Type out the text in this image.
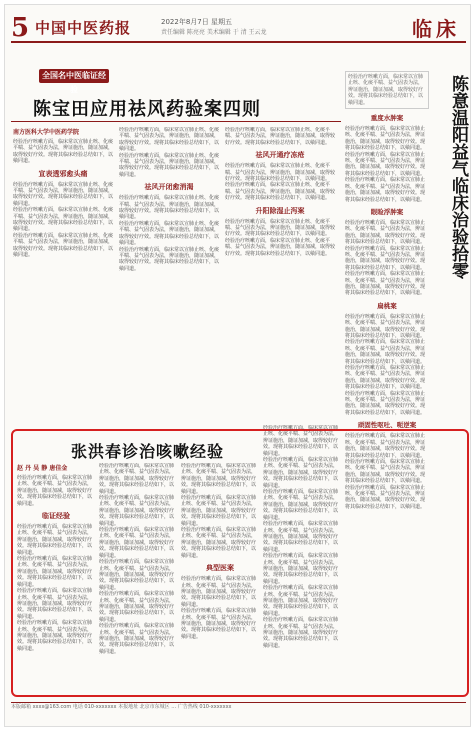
5 中国中医药报	2022年8月7日 星期五
责任编辑 陈亮亮 美术编辑 于 清 王云龙	临床
全国名中医临证经验
陈宝田应用祛风药验案四则
南方医科大学中医药学院
经验治疗咳嗽方面，临床常以宣肺止咳、化痰平喘、益气固表为法，辨证施治，随证加减，取得较好疗效。现将其临床经验总结如下，以飨同道。
宣表透邪愈头痛
经验治疗咳嗽方面，临床常以宣肺止咳、化痰平喘、益气固表为法，辨证施治，随证加减，取得较好疗效。现将其临床经验总结如下，以飨同道。
经验治疗咳嗽方面，临床常以宣肺止咳、化痰平喘、益气固表为法，辨证施治，随证加减，取得较好疗效。现将其临床经验总结如下，以飨同道。
经验治疗咳嗽方面，临床常以宣肺止咳、化痰平喘、益气固表为法，辨证施治，随证加减，取得较好疗效。现将其临床经验总结如下，以飨同道。
经验治疗咳嗽方面，临床常以宣肺止咳、化痰平喘、益气固表为法，辨证施治，随证加减，取得较好疗效。现将其临床经验总结如下，以飨同道。
经验治疗咳嗽方面，临床常以宣肺止咳、化痰平喘、益气固表为法，辨证施治，随证加减，取得较好疗效。现将其临床经验总结如下，以飨同道。
祛风开闭愈消渴
经验治疗咳嗽方面，临床常以宣肺止咳、化痰平喘、益气固表为法，辨证施治，随证加减，取得较好疗效。现将其临床经验总结如下，以飨同道。
经验治疗咳嗽方面，临床常以宣肺止咳、化痰平喘、益气固表为法，辨证施治，随证加减，取得较好疗效。现将其临床经验总结如下，以飨同道。
经验治疗咳嗽方面，临床常以宣肺止咳、化痰平喘、益气固表为法，辨证施治，随证加减，取得较好疗效。现将其临床经验总结如下，以飨同道。
经验治疗咳嗽方面，临床常以宣肺止咳、化痰平喘、益气固表为法，辨证施治，随证加减，取得较好疗效。现将其临床经验总结如下，以飨同道。
祛风开通疗冻疮
经验治疗咳嗽方面，临床常以宣肺止咳、化痰平喘、益气固表为法，辨证施治，随证加减，取得较好疗效。现将其临床经验总结如下，以飨同道。
经验治疗咳嗽方面，临床常以宣肺止咳、化痰平喘、益气固表为法，辨证施治，随证加减，取得较好疗效。现将其临床经验总结如下，以飨同道。
升阳除湿止泻案
经验治疗咳嗽方面，临床常以宣肺止咳、化痰平喘、益气固表为法，辨证施治，随证加减，取得较好疗效。现将其临床经验总结如下，以飨同道。
经验治疗咳嗽方面，临床常以宣肺止咳、化痰平喘、益气固表为法，辨证施治，随证加减，取得较好疗效。现将其临床经验总结如下，以飨同道。
经验治疗咳嗽方面，临床常以宣肺止咳、化痰平喘、益气固表为法，辨证施治，随证加减，取得较好疗效。现将其临床经验总结如下，以飨同道。
重度水肿案
经验治疗咳嗽方面，临床常以宣肺止咳、化痰平喘、益气固表为法，辨证施治，随证加减，取得较好疗效。现将其临床经验总结如下，以飨同道。
经验治疗咳嗽方面，临床常以宣肺止咳、化痰平喘、益气固表为法，辨证施治，随证加减，取得较好疗效。现将其临床经验总结如下，以飨同道。
经验治疗咳嗽方面，临床常以宣肺止咳、化痰平喘、益气固表为法，辨证施治，随证加减，取得较好疗效。现将其临床经验总结如下，以飨同道。
眼睑浮肿案
经验治疗咳嗽方面，临床常以宣肺止咳、化痰平喘、益气固表为法，辨证施治，随证加减，取得较好疗效。现将其临床经验总结如下，以飨同道。
经验治疗咳嗽方面，临床常以宣肺止咳、化痰平喘、益气固表为法，辨证施治，随证加减，取得较好疗效。现将其临床经验总结如下，以飨同道。
经验治疗咳嗽方面，临床常以宣肺止咳、化痰平喘、益气固表为法，辨证施治，随证加减，取得较好疗效。现将其临床经验总结如下，以飨同道。
扁桃案
经验治疗咳嗽方面，临床常以宣肺止咳、化痰平喘、益气固表为法，辨证施治，随证加减，取得较好疗效。现将其临床经验总结如下，以飨同道。
经验治疗咳嗽方面，临床常以宣肺止咳、化痰平喘、益气固表为法，辨证施治，随证加减，取得较好疗效。现将其临床经验总结如下，以飨同道。
经验治疗咳嗽方面，临床常以宣肺止咳、化痰平喘、益气固表为法，辨证施治，随证加减，取得较好疗效。现将其临床经验总结如下，以飨同道。
经验治疗咳嗽方面，临床常以宣肺止咳、化痰平喘、益气固表为法，辨证施治，随证加减，取得较好疗效。现将其临床经验总结如下，以飨同道。
顽固性呕吐、呃逆案
经验治疗咳嗽方面，临床常以宣肺止咳、化痰平喘、益气固表为法，辨证施治，随证加减，取得较好疗效。现将其临床经验总结如下，以飨同道。
经验治疗咳嗽方面，临床常以宣肺止咳、化痰平喘、益气固表为法，辨证施治，随证加减，取得较好疗效。现将其临床经验总结如下，以飨同道。
经验治疗咳嗽方面，临床常以宣肺止咳、化痰平喘、益气固表为法，辨证施治，随证加减，取得较好疗效。现将其临床经验总结如下，以飨同道。
陈意温阳益气临床治验拾零
张洪春诊治咳嗽经验
赵 丹 吴 静 唐佳金
经验治疗咳嗽方面，临床常以宣肺止咳、化痰平喘、益气固表为法，辨证施治，随证加减，取得较好疗效。现将其临床经验总结如下，以飨同道。
临证经验
经验治疗咳嗽方面，临床常以宣肺止咳、化痰平喘、益气固表为法，辨证施治，随证加减，取得较好疗效。现将其临床经验总结如下，以飨同道。
经验治疗咳嗽方面，临床常以宣肺止咳、化痰平喘、益气固表为法，辨证施治，随证加减，取得较好疗效。现将其临床经验总结如下，以飨同道。
经验治疗咳嗽方面，临床常以宣肺止咳、化痰平喘、益气固表为法，辨证施治，随证加减，取得较好疗效。现将其临床经验总结如下，以飨同道。
经验治疗咳嗽方面，临床常以宣肺止咳、化痰平喘、益气固表为法，辨证施治，随证加减，取得较好疗效。现将其临床经验总结如下，以飨同道。
经验治疗咳嗽方面，临床常以宣肺止咳、化痰平喘、益气固表为法，辨证施治，随证加减，取得较好疗效。现将其临床经验总结如下，以飨同道。
经验治疗咳嗽方面，临床常以宣肺止咳、化痰平喘、益气固表为法，辨证施治，随证加减，取得较好疗效。现将其临床经验总结如下，以飨同道。
经验治疗咳嗽方面，临床常以宣肺止咳、化痰平喘、益气固表为法，辨证施治，随证加减，取得较好疗效。现将其临床经验总结如下，以飨同道。
经验治疗咳嗽方面，临床常以宣肺止咳、化痰平喘、益气固表为法，辨证施治，随证加减，取得较好疗效。现将其临床经验总结如下，以飨同道。
经验治疗咳嗽方面，临床常以宣肺止咳、化痰平喘、益气固表为法，辨证施治，随证加减，取得较好疗效。现将其临床经验总结如下，以飨同道。
经验治疗咳嗽方面，临床常以宣肺止咳、化痰平喘、益气固表为法，辨证施治，随证加减，取得较好疗效。现将其临床经验总结如下，以飨同道。
经验治疗咳嗽方面，临床常以宣肺止咳、化痰平喘、益气固表为法，辨证施治，随证加减，取得较好疗效。现将其临床经验总结如下，以飨同道。
经验治疗咳嗽方面，临床常以宣肺止咳、化痰平喘、益气固表为法，辨证施治，随证加减，取得较好疗效。现将其临床经验总结如下，以飨同道。
经验治疗咳嗽方面，临床常以宣肺止咳、化痰平喘、益气固表为法，辨证施治，随证加减，取得较好疗效。现将其临床经验总结如下，以飨同道。
典型医案
经验治疗咳嗽方面，临床常以宣肺止咳、化痰平喘、益气固表为法，辨证施治，随证加减，取得较好疗效。现将其临床经验总结如下，以飨同道。
经验治疗咳嗽方面，临床常以宣肺止咳、化痰平喘、益气固表为法，辨证施治，随证加减，取得较好疗效。现将其临床经验总结如下，以飨同道。
经验治疗咳嗽方面，临床常以宣肺止咳、化痰平喘、益气固表为法，辨证施治，随证加减，取得较好疗效。现将其临床经验总结如下，以飨同道。
经验治疗咳嗽方面，临床常以宣肺止咳、化痰平喘、益气固表为法，辨证施治，随证加减，取得较好疗效。现将其临床经验总结如下，以飨同道。
经验治疗咳嗽方面，临床常以宣肺止咳、化痰平喘、益气固表为法，辨证施治，随证加减，取得较好疗效。现将其临床经验总结如下，以飨同道。
经验治疗咳嗽方面，临床常以宣肺止咳、化痰平喘、益气固表为法，辨证施治，随证加减，取得较好疗效。现将其临床经验总结如下，以飨同道。
经验治疗咳嗽方面，临床常以宣肺止咳、化痰平喘、益气固表为法，辨证施治，随证加减，取得较好疗效。现将其临床经验总结如下，以飨同道。
经验治疗咳嗽方面，临床常以宣肺止咳、化痰平喘、益气固表为法，辨证施治，随证加减，取得较好疗效。现将其临床经验总结如下，以飨同道。
经验治疗咳嗽方面，临床常以宣肺止咳、化痰平喘、益气固表为法，辨证施治，随证加减，取得较好疗效。现将其临床经验总结如下，以飨同道。
本版邮箱 xxxx@163.com 电话 010-xxxxxxx 本报地址 北京市东城区 … 广告热线 010-xxxxxxx
